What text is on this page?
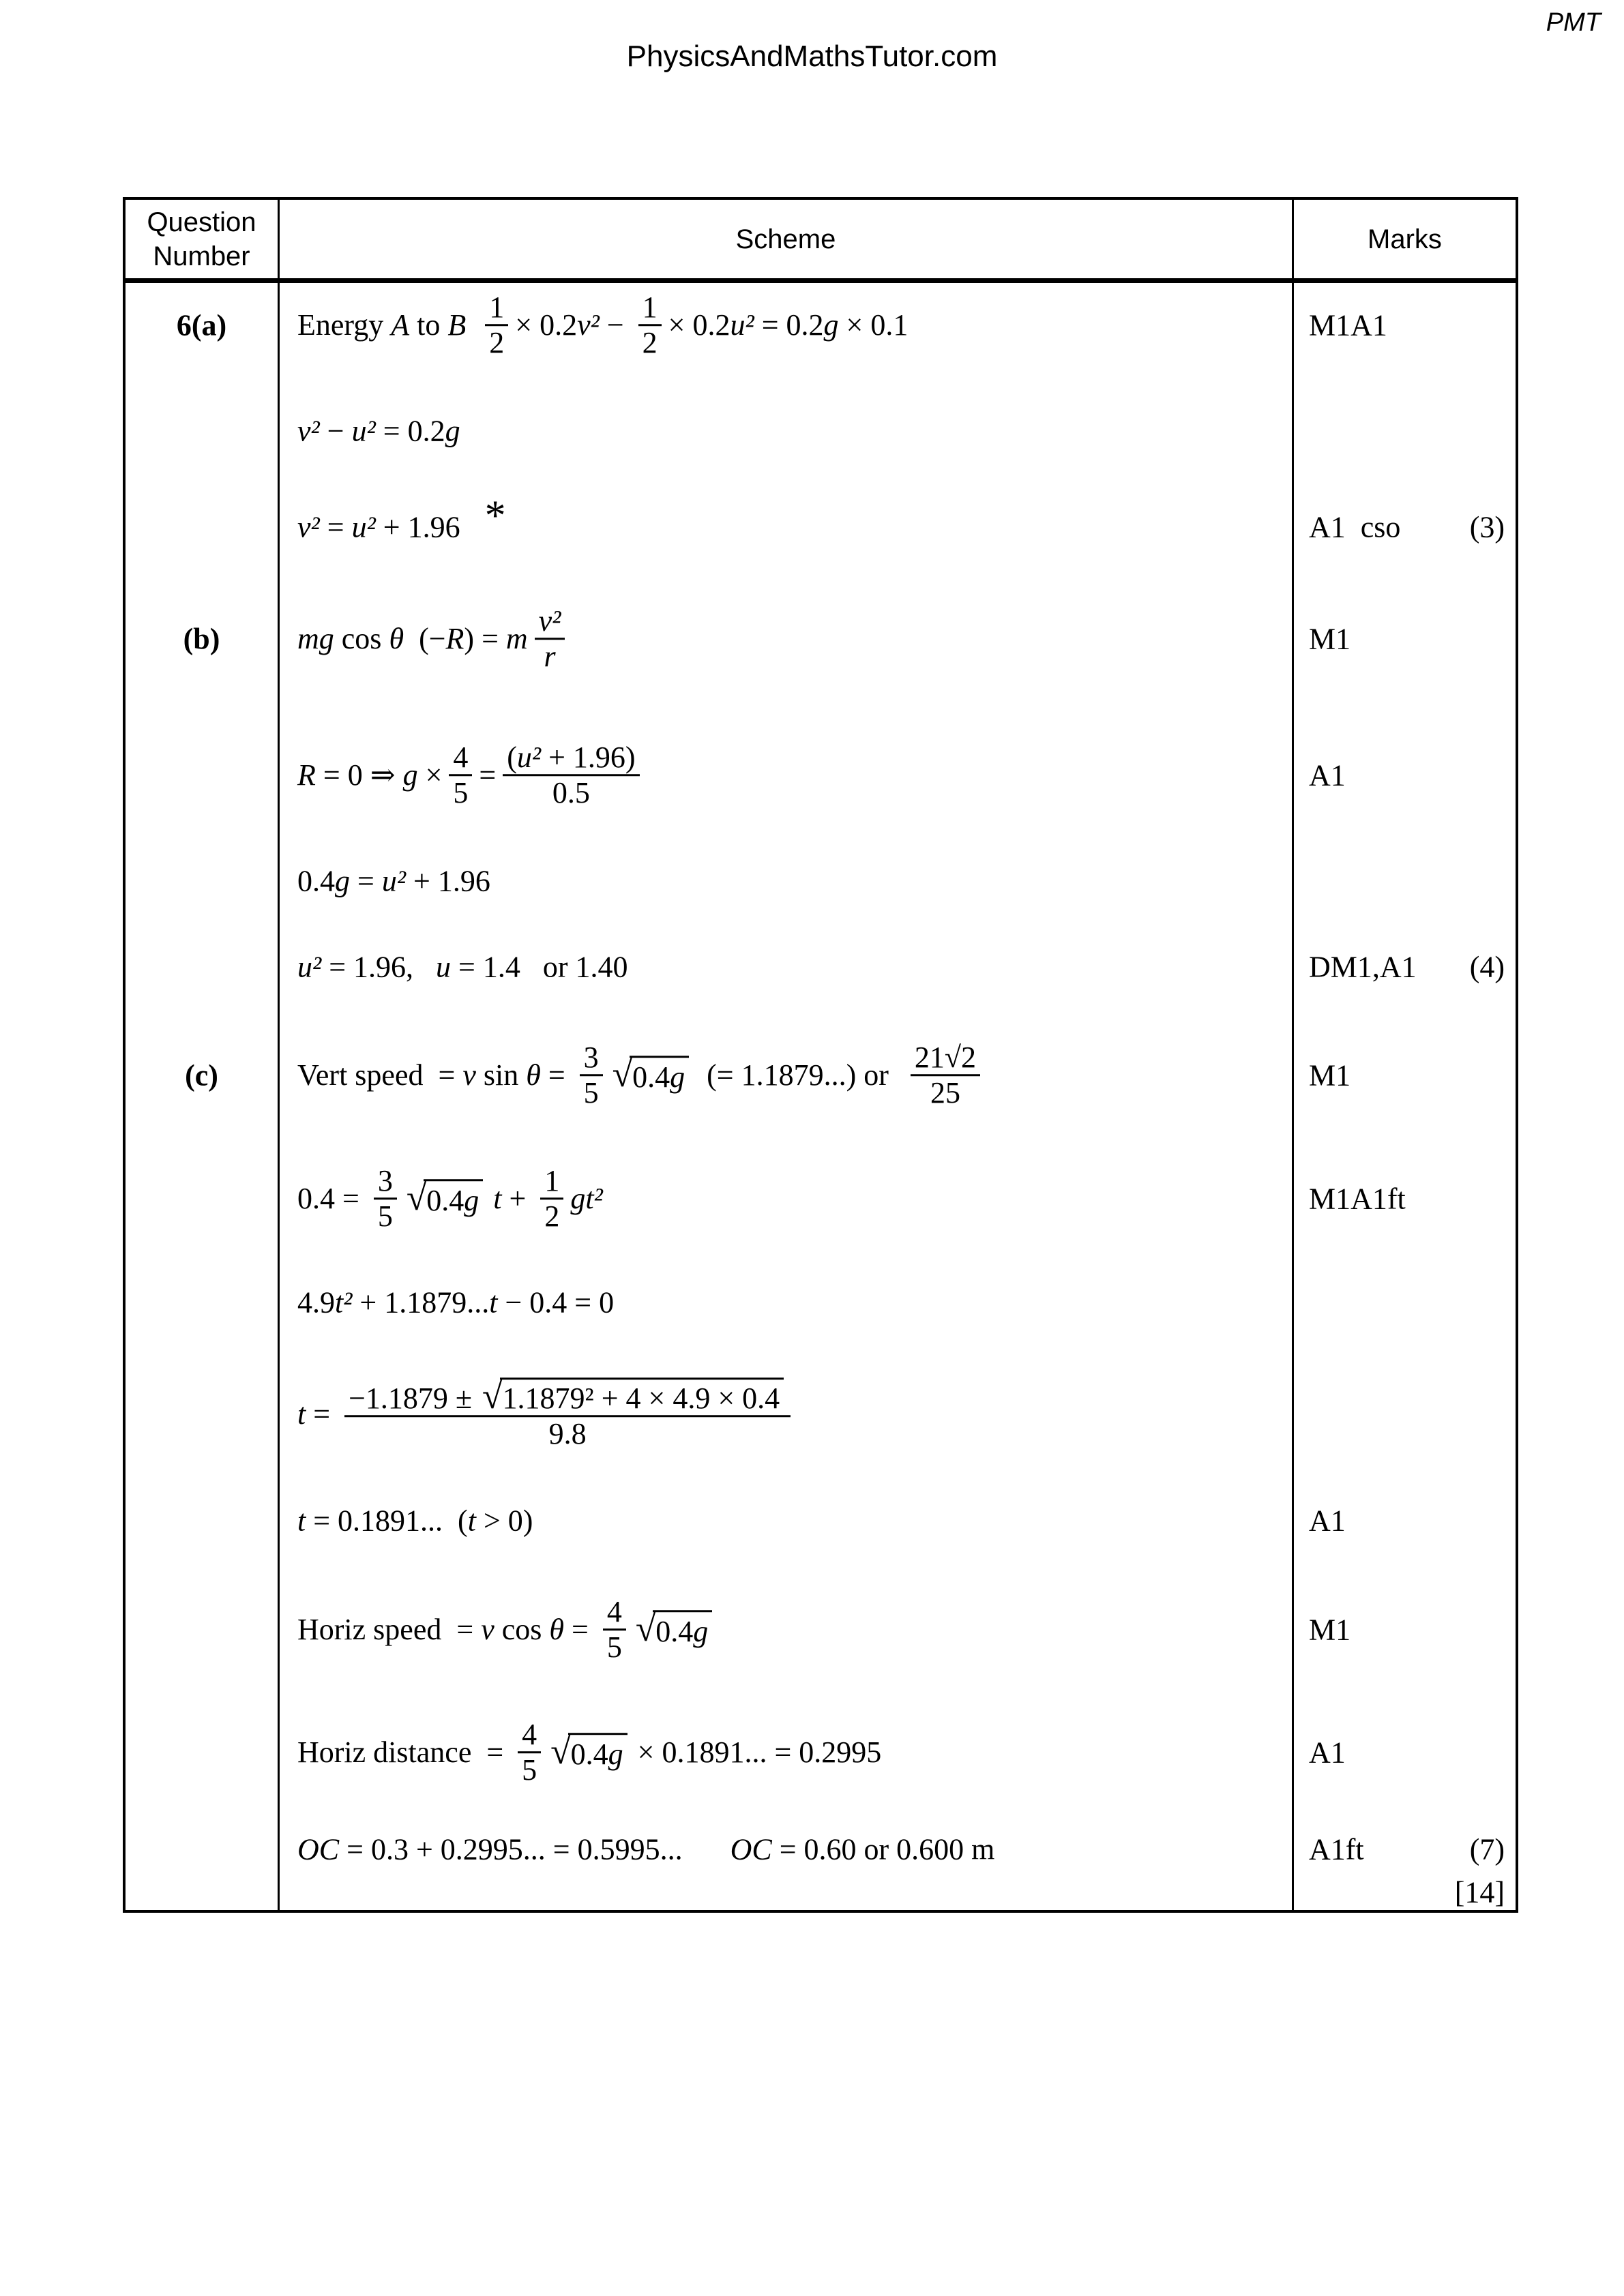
PMT
PhysicsAndMathsTutor.com
Question Number
Scheme	Marks
6(a)
(b)
(c)
Energy A to B $\frac{1}{2} \times 0.2$ $v^2 - \frac{1}{2} \times 0.2$ u² = 0.2 g × 0.1
v² − u² = 0.2 g
v² = u² + 1.96 *
mg cos θ (− R ) = m $\frac{\text{v²}}{r}$
R = 0 ⇒ $g \times \frac{4}{5} = \frac{\text{( u² + 1.96)}}{0.5}$
0.4 g = u² + 1.96
u² = 1.96, u = 1.4   or 1.40
Vert speed  = v $\sin \theta = \frac{3}{5}$ √ 0.4g (= 1.1879...) or $\frac{21√2}{25}$
$0.4 = \frac{3}{5}$ √ 0.4g $t + \frac{1}{2} gt^2$
4.9 t² + 1.1879... t − 0.4 = 0
$t = \frac{\text{−1.1879 ± √ 1.1879² + 4 × 4.9 × 0.4}}{9.8}$
t = 0.1891...  ( t > 0)
Horiz speed  = v $\cos \theta = \frac{4}{5}$ √ 0.4g
Horiz distance  = $\frac{4}{5}$ √ 0.4g × 0.1891... = 0.2995
OC = 0.3 + 0.2995... = 0.5995... OC = 0.60 or 0.600 m
M1A1
A1  cso (3)
M1
A1
DM1,A1 (4)
M1
M1A1ft
A1
M1
A1
A1ft	(7)
[14]
